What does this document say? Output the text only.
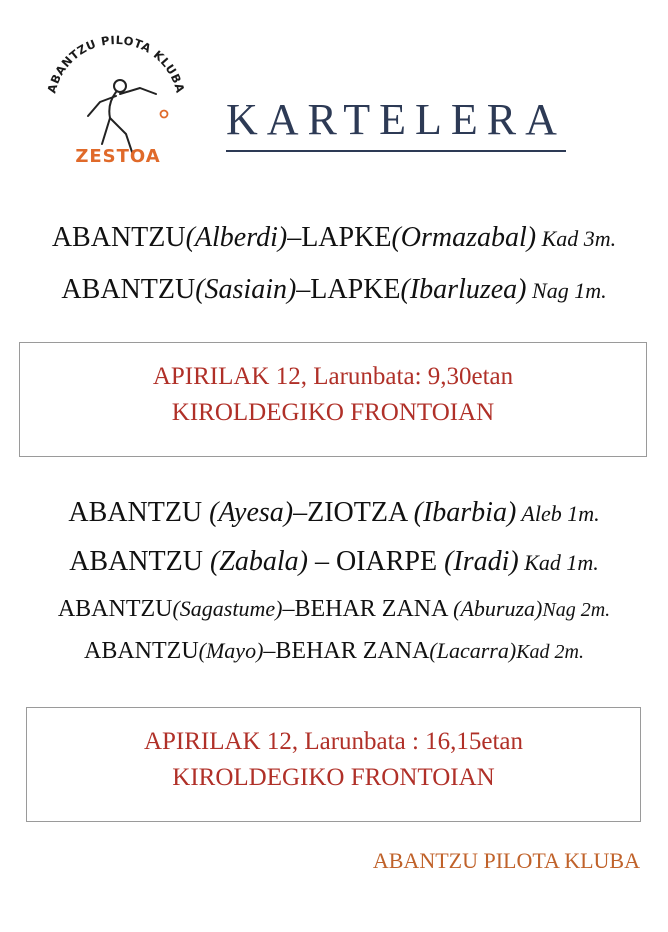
ABANTZU PILOTA KLUBA
ZESTOA
KARTELERA
ABANTZU(Alberdi)–LAPKE(Ormazabal) Kad 3m.
ABANTZU(Sasiain)–LAPKE(Ibarluzea) Nag 1m.
APIRILAK 12, Larunbata: 9,30etan
KIROLDEGIKO FRONTOIAN
ABANTZU (Ayesa)–ZIOTZA (Ibarbia) Aleb 1m.
ABANTZU (Zabala) – OIARPE (Iradi) Kad 1m.
ABANTZU(Sagastume)–BEHAR ZANA (Aburuza)Nag 2m.
ABANTZU(Mayo)–BEHAR ZANA(Lacarra)Kad 2m.
APIRILAK 12, Larunbata : 16,15etan
KIROLDEGIKO FRONTOIAN
ABANTZU PILOTA KLUBA
